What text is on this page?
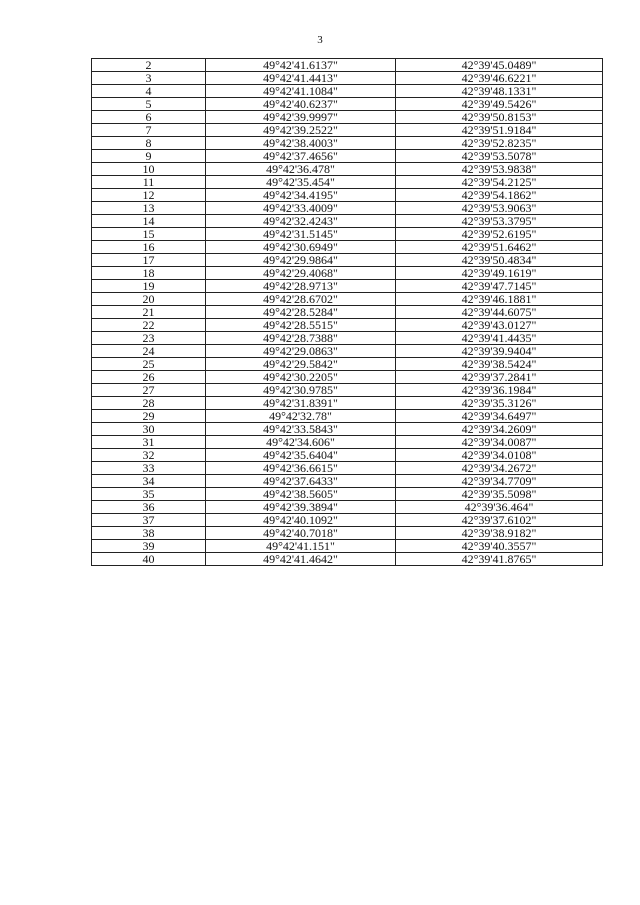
3
2	49°42'41.6137"	42°39'45.0489"
3	49°42'41.4413"	42°39'46.6221"
4	49°42'41.1084"	42°39'48.1331"
5	49°42'40.6237"	42°39'49.5426"
6	49°42'39.9997"	42°39'50.8153"
7	49°42'39.2522"	42°39'51.9184"
8	49°42'38.4003"	42°39'52.8235"
9	49°42'37.4656"	42°39'53.5078"
10	49°42'36.478"	42°39'53.9838"
11	49°42'35.454"	42°39'54.2125"
12	49°42'34.4195"	42°39'54.1862"
13	49°42'33.4009"	42°39'53.9063"
14	49°42'32.4243"	42°39'53.3795"
15	49°42'31.5145"	42°39'52.6195"
16	49°42'30.6949"	42°39'51.6462"
17	49°42'29.9864"	42°39'50.4834"
18	49°42'29.4068"	42°39'49.1619"
19	49°42'28.9713"	42°39'47.7145"
20	49°42'28.6702"	42°39'46.1881"
21	49°42'28.5284"	42°39'44.6075"
22	49°42'28.5515"	42°39'43.0127"
23	49°42'28.7388"	42°39'41.4435"
24	49°42'29.0863"	42°39'39.9404"
25	49°42'29.5842"	42°39'38.5424"
26	49°42'30.2205"	42°39'37.2841"
27	49°42'30.9785"	42°39'36.1984"
28	49°42'31.8391"	42°39'35.3126"
29	49°42'32.78"	42°39'34.6497"
30	49°42'33.5843"	42°39'34.2609"
31	49°42'34.606"	42°39'34.0087"
32	49°42'35.6404"	42°39'34.0108"
33	49°42'36.6615"	42°39'34.2672"
34	49°42'37.6433"	42°39'34.7709"
35	49°42'38.5605"	42°39'35.5098"
36	49°42'39.3894"	42°39'36.464"
37	49°42'40.1092"	42°39'37.6102"
38	49°42'40.7018"	42°39'38.9182"
39	49°42'41.151"	42°39'40.3557"
40	49°42'41.4642"	42°39'41.8765"
